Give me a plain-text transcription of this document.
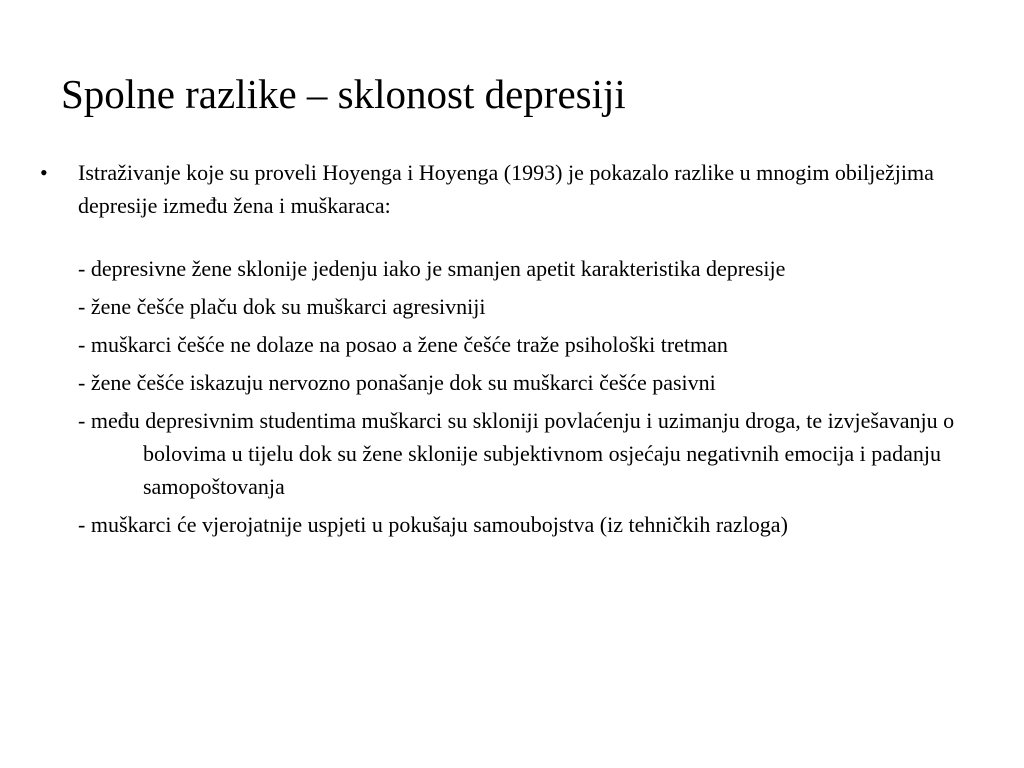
Spolne razlike – sklonost depresiji
• Istraživanje koje su proveli Hoyenga i Hoyenga (1993) je pokazalo razlike u mnogim obilježjima depresije između žena i muškaraca:

- depresivne žene sklonije jedenju iako je smanjen apetit karakteristika depresije
- žene češće plaču dok su muškarci agresivniji
- muškarci češće ne dolaze na posao a žene češće traže psihološki tretman
- žene češće iskazuju nervozno ponašanje dok su muškarci češće pasivni
- među depresivnim studentima muškarci su skloniji povlaćenju i uzimanju droga, te izvješavanju o bolovima u tijelu dok su žene sklonije subjektivnom osjećaju negativnih emocija i padanju samopoštovanja
- muškarci će vjerojatnije uspjeti u pokušaju samoubojstva (iz tehničkih razloga)
